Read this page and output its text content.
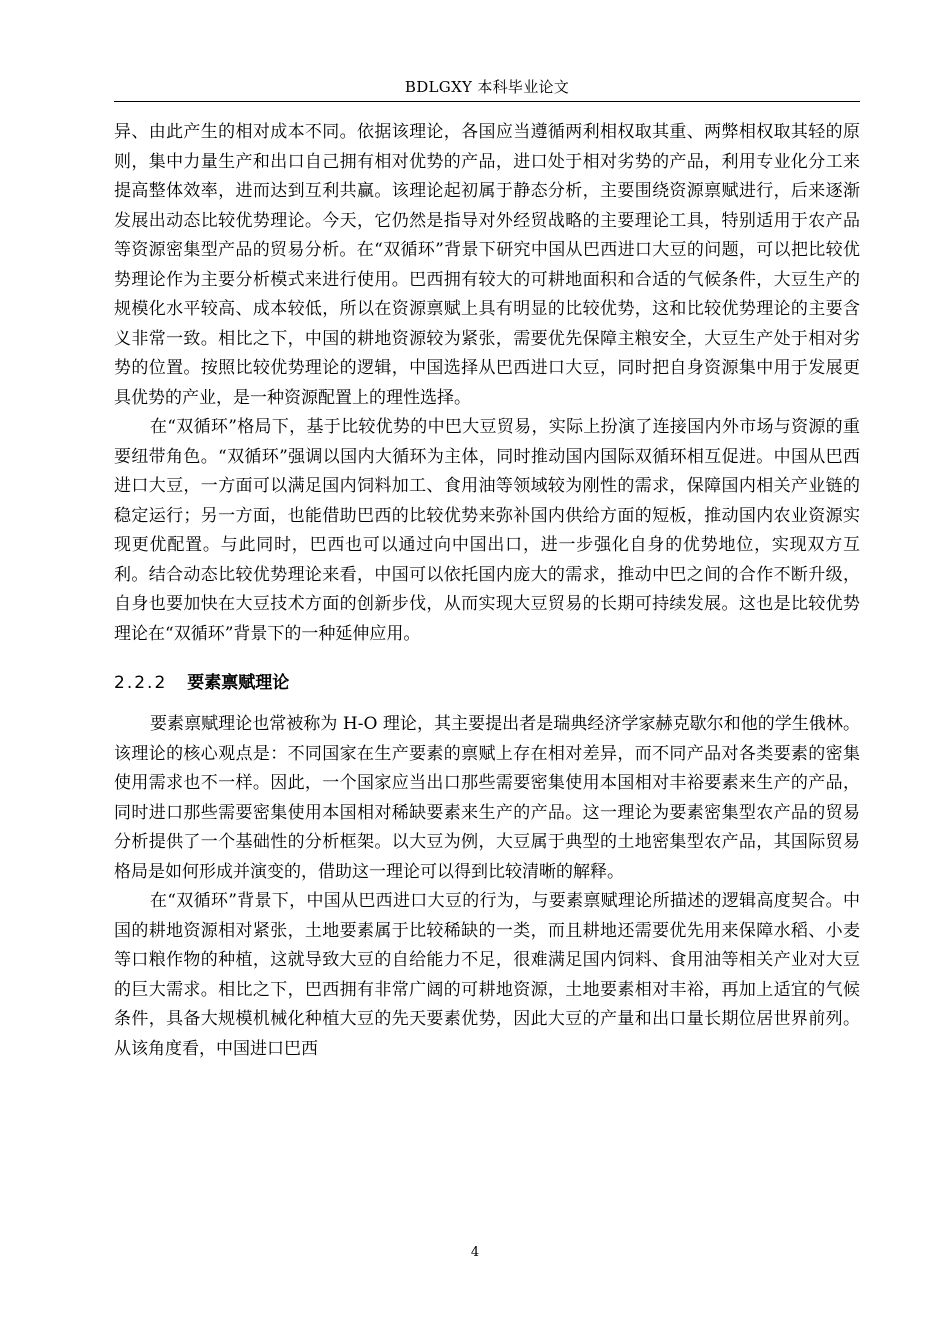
BDLGXY 本科毕业论文

异、由此产生的相对成本不同。依据该理论，各国应当遵循两利相权取其重、两弊相权取其轻的原则，集中力量生产和出口自己拥有相对优势的产品，进口处于相对劣势的产品，利用专业化分工来提高整体效率，进而达到互利共赢。该理论起初属于静态分析，主要围绕资源禀赋进行，后来逐渐发展出动态比较优势理论。今天，它仍然是指导对外经贸战略的主要理论工具，特别适用于农产品等资源密集型产品的贸易分析。在“双循环”背景下研究中国从巴西进口大豆的问题，可以把比较优势理论作为主要分析模式来进行使用。巴西拥有较大的可耕地面积和合适的气候条件，大豆生产的规模化水平较高、成本较低，所以在资源禀赋上具有明显的比较优势，这和比较优势理论的主要含义非常一致。相比之下，中国的耕地资源较为紧张，需要优先保障主粮安全，大豆生产处于相对劣势的位置。按照比较优势理论的逻辑，中国选择从巴西进口大豆，同时把自身资源集中用于发展更具优势的产业，是一种资源配置上的理性选择。

在“双循环”格局下，基于比较优势的中巴大豆贸易，实际上扮演了连接国内外市场与资源的重要纽带角色。“双循环”强调以国内大循环为主体，同时推动国内国际双循环相互促进。中国从巴西进口大豆，一方面可以满足国内饲料加工、食用油等领域较为刚性的需求，保障国内相关产业链的稳定运行；另一方面，也能借助巴西的比较优势来弥补国内供给方面的短板，推动国内农业资源实现更优配置。与此同时，巴西也可以通过向中国出口，进一步强化自身的优势地位，实现双方互利。结合动态比较优势理论来看，中国可以依托国内庞大的需求，推动中巴之间的合作不断升级，自身也要加快在大豆技术方面的创新步伐，从而实现大豆贸易的长期可持续发展。这也是比较优势理论在“双循环”背景下的一种延伸应用。

2.2.2 要素禀赋理论

要素禀赋理论也常被称为 H-O 理论，其主要提出者是瑞典经济学家赫克歇尔和他的学生俄林。该理论的核心观点是：不同国家在生产要素的禀赋上存在相对差异，而不同产品对各类要素的密集使用需求也不一样。因此，一个国家应当出口那些需要密集使用本国相对丰裕要素来生产的产品，同时进口那些需要密集使用本国相对稀缺要素来生产的产品。这一理论为要素密集型农产品的贸易分析提供了一个基础性的分析框架。以大豆为例，大豆属于典型的土地密集型农产品，其国际贸易格局是如何形成并演变的，借助这一理论可以得到比较清晰的解释。

在“双循环”背景下，中国从巴西进口大豆的行为，与要素禀赋理论所描述的逻辑高度契合。中国的耕地资源相对紧张，土地要素属于比较稀缺的一类，而且耕地还需要优先用来保障水稻、小麦等口粮作物的种植，这就导致大豆的自给能力不足，很难满足国内饲料、食用油等相关产业对大豆的巨大需求。相比之下，巴西拥有非常广阔的可耕地资源，土地要素相对丰裕，再加上适宜的气候条件，具备大规模机械化种植大豆的先天要素优势，因此大豆的产量和出口量长期位居世界前列。从该角度看，中国进口巴西

4
